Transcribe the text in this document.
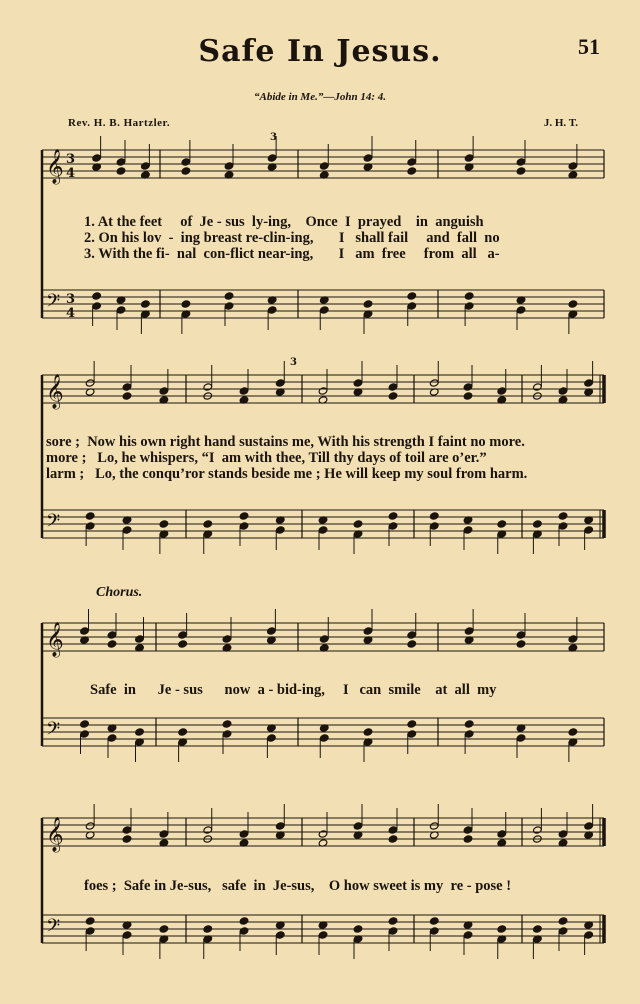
Safe In Jesus.	51
“Abide in Me.”—John 14: 4.
Rev. H. B. Hartzler.	J. H. T.
Chorus.
𝄞
𝄢
3
4
3
4
3
𝄞
𝄢
3
𝄞
𝄢
𝄞
𝄢
1. At the feet     of  Je - sus  ly-ing,    Once  I  prayed    in  anguish
2. On his lov  -  ing breast re-clin-ing,       I   shall fail     and  fall  no
3. With the fi-  nal  con-flict near-ing,       I   am  free     from  all   a-
sore ;  Now his own right hand sustains me, With his strength I faint no more.
more ;   Lo, he whispers, “I  am with thee, Till thy days of toil are o’er.”
larm ;   Lo, the conqu’ror stands beside me ; He will keep my soul from harm.
Safe  in      Je - sus      now  a - bid-ing,     I   can  smile    at  all  my
foes ;  Safe in Je-sus,   safe  in  Je-sus,    O how sweet is my  re - pose !
